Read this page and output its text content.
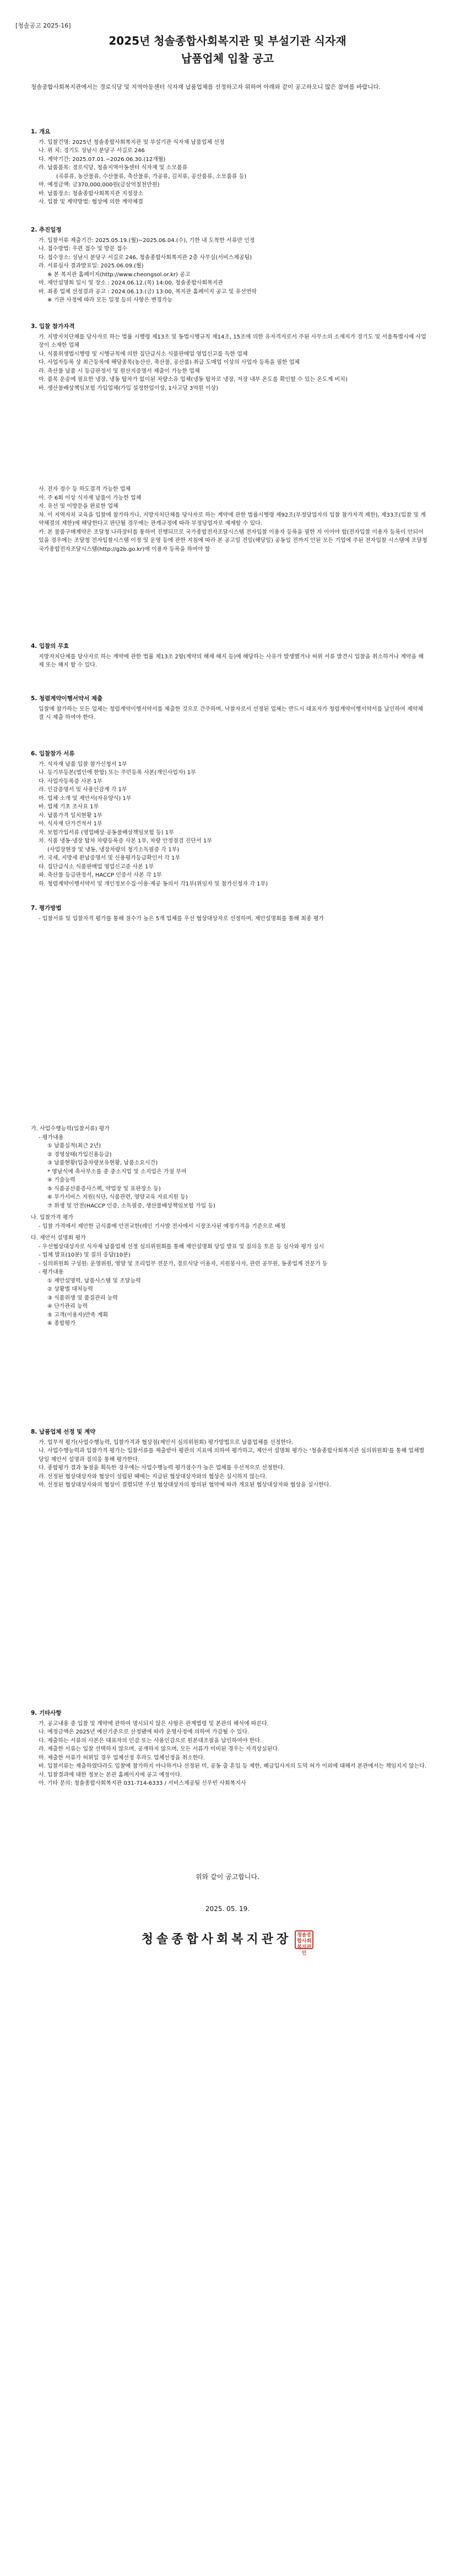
[청솔공고 2025-16]
2025년 청솔종합사회복지관 및 부설기관 식자재
납품업체 입찰 공고
청솔종합사회복지관에서는 경로식당 및 지역아동센터 식자재 납품업체를 선정하고자 위하여 아래와 같이 공고하오니 많은 참여를 바랍니다.
1. 개요
가. 입찰건명: 2025년 청솔종합사회복지관 및 부설기관 식자재 납품업체 선정
나. 위 치: 경기도 성남시 분당구 서길로 246
다. 계약기간: 2025.07.01.~2026.06.30.(12개월)
라. 납품품목: 경로식당, 청솔지역아동센터 식자재 및 소모품류
(곡류류, 농산물류, 수산물류, 축산물류, 가공류, 김치류, 공산품류, 소모품류 등)
마. 예정금액: 금370,000,000원(금삼억칠천만원)
바. 납품장소: 청솔종합사회복지관 지정장소
사. 입찰 및 계약방법: 협상에 의한 계약체결
2. 추진일정
가. 입찰서류 제출기간: 2025.05.19.(월)~2025.06.04.(수), 기한 내 도착한 서류만 인정
나. 접수방법: 우편 접수 및 방문 접수
다. 접수장소: 성남시 분당구 서길로 246, 청솔종합사회복지관 2층 사무실(서비스제공팀)
라. 서류심사 결과발표일: 2025.06.09.(월)
※ 본 복지관 홈페이지(http://www.cheongsol.or.kr) 공고
마. 제안설명회 일시 및 장소 : 2024.06.12.(목) 14:00, 청솔종합사회복지관
바. 최종 업체 선정결과 공고 : 2024.06.13.(금) 13:00, 복지관 홈페이지 공고 및 유선연락
※ 기관 사정에 따라 모든 일정 등의 사항은 변경가능
3. 입찰 참가자격
가. 지방자치단체를 당사자로 하는 법률 시행령 제13조 및 동법시행규칙 제14조, 15조에 의한 유자격자로서 주된 사무소의 소재지가 경기도 및 서울특별시에 사업장이 소재한 업체
나. 식품위생법시행령 및 시행규칙에 의한 집단급식소 식품판매업 영업신고를 득한 업체
다. 사업자등록 상 최근등록에 해당종목(농산산, 축산물, 공산품) 취급 도매업 이상의 사업자 등록을 필한 업체
라. 축산물 납품 시 등급판정서 및 원산지증명서 제출이 가능한 업체
마. 품목 운송에 필요한 냉장, 냉동 탑차가 없이된 차량소유 업체(냉동 탑차로 냉장, 저장 내부 온도를 확인할 수 있는 온도계 비치)
바. 생산물배상책임보험 가입업체(가입 설정한업이상, 1사고당 3억원 이상)
사. 전자 정수 등 하도결격 가능한 업체
아. 주 6회 이상 식자재 납품이 가능한 업체
자. 유선 및 이방문을 완료한 업체
차. 이 지역자치 교육을 입찰에 참가하거나, 지방자치단체를 당사자로 하는 계약에 관한 법률시행령 제92조(부정당업자의 입찰 참가자격 제한), 제33조(입찰 및 계약체결의 제한)에 해당한다고 판단될 경우에는 관계규정에 따라 부정당업자로 제재할 수 있다.
카. 본 물품구매계약은 조달청 나라장터를 통하여 진행되므로 국가종합전자조달시스템 전자입찰 이용자 등록을 필한 자 이어야 합(전자입찰 이용자 등록이 안되어 있을 경우에는 조달청 전자입찰시스템 이정 및 운영 등에 관한 지침에 따라 본 공고일 전일(해당일) 공동입 전까지 안된 모든 기업에 주된 전자입찰 시스템에 조달청 국가종합전자조달시스템(http://g2b.go.kr)에 이용자 등록을 하여야 함
4. 입찰의 무효
지방자치단체를 당사자로 하는 계약에 관한 법률 제13조 2항(계약의 해제 해지 등)에 해당하는 사유가 발생했거나 허위 서류 발견시 입찰을 취소하거나 계약을 해제 또는 해지 할 수 있다.
5. 청렴계약이행서약서 제출
입찰에 참가하는 모든 업체는 청렴계약이행서약서를 제출한 것으로 간주하며, 낙찰자로서 선정된 업체는 반드시 대표자가 청렴계약이행서약서를 날인하여 제약체결 시 제출 하여야 한다.
6. 입찰참가 서류
가. 식자재 납품 입찰 참가신청서 1부
나. 등기부등본(법인에 한함) 또는 주민등록 사본(개인사업자) 1부
다. 사업자등록증 사본 1부
라. 인감증명서 및 사용인감계 각 1부
마. 업체 소개 및 제안서(자유양식) 1부
바. 업체 기초 조사표 1부
사. 납품가격 일치현황 1부
아. 식자재 단가견적서 1부
자. 보험가입서류 (영업배상·공동물배상책임보험 등) 1부
차. 식품 냉동·냉장 탑차 차량등록증 사본 1부, 차량 안정점검 진단서 1부
(사업장현장 및 냉동, 냉장차량의 청기소독필증 각 1부)
카. 국세, 지방세 완납증명서 및 신용평가등급확인서 각 1부
타. 집단급식소 식품판매업 영업신고증 사본 1부
파. 축산물 등급판정서, HACCP 인증서 사본 각 1부
하. 청렴계약이행서약서 및 개인정보수집·이용·제공 동의서 각1부(위임자 및 참가신청자 각 1부)
7. 평가방법
- 입찰서류 및 입찰자격 평가를 통해 점수가 높은 5개 업체를 우선 협상대상자로 선정하며, 제안설명회를 통해 최종 평가
가. 사업수행능력(입찰서류) 평가
- 평가내용
① 납품실적(최근 2년)
② 경영상태(가입신용등급)
③ 납품현황(입출차량보유현황, 납품소요시간)
* 영남식에 축사부소를 중 중소지업 및 소지업은 가점 부여
④ 기술능력
⑤ 식품공산품증사스펙, 약업장 및 표판장소 등)
⑥ 부가서비스 지원(식단, 식품관련, 영양교육 자료지원 등)
⑦ 위생 및 안전(HACCP 인증, 소독필증, 생산물배상책임보험 가입 등)
나. 입찰가격 평가
- 입찰 가격에서 제안한 금식품에 안전교한(레인 기사발 전사에서 시장조사된 예정가격을 기준으로 배정
다. 제안서 설명회 평가
- 우선협상대상자로 식자재 납품업체 선정 심의위원회를 통해 제안설명회 당일 발표 및 질의응 토론 등 심사와 평가 실시
- 업체 발표(10분) 및 질의 응답(10분)
- 심의위원회 구성원: 운영위원, 영양 및 조리업무 전문가, 경로식당 이용자, 지원봉사자, 관련 공무원, 동종업계 전문가 등
- 평가내용
① 제안설명력, 납품사스템 및 조달능력
② 상황별 대처능력
③ 식품위생 및 품질관리 능력
④ 단가관리 능력
⑤ 고객(이용자)만족 계획
⑥ 종합평가
8. 납품업체 선정 및 계약
가. 업무적 평가(사업수행능력, 입찰가격과 협상점(제안서 심의위원회) 평가방법으로 납품업체를 선정한다.
나. 사업수행능력과 입찰가격 평가는 입찰서류를 제출받아 평관의 지표에 의하여 평가하고, 제안서 설명회 평가는 '청솔종합사회복지관 심의위원회'를 통해 업체별 당일 제안서 설명과 질의응 통해 평가한다.
다. 종합평가 결과 동점을 획득한 경우에는 사업수행능력 평가점수가 높은 업체를 우선적으로 선정한다.
라. 선정된 협상대상자와 협상이 성립된 때에는 지급된 협상대상자와의 협상은 실시하지 않는다.
마. 선정된 협상대상자와의 협상이 결렬되면 우선 협상대상자의 합의된 협약에 따라 개요된 협상대상자와 협상을 실시한다.
9. 기타사항
가. 공고내용 중 입찰 및 계약에 관하여 명시되지 않은 사항은 관계법령 및 본관의 해석에 따른다.
나. 예정금액은 2025년 예산기준으로 산정됐에 따라 운영사정에 의하여 가감될 수 있다.
다. 제출하는 서류의 사본은 대표자의 인감 또는 사용인감으로 원본대조필을 날인하여야 한다.
라. 제출한 서류는 입찰 선택하지 않으며, 공개하지 않으며, 모든 서류가 미비된 경우는 자격상실된다.
마. 제출한 서류가 허위일 경우 업체선정 후라도 업체선정을 취소한다.
바. 입찰서류는 제출하였다라도 입찰에 참가하지 아니하거나 선정된 미, 공동 출 흔입 등 제한, 폐급입사저의 도덕 허가 이외에 대해서 본관에서는 책임지지 않는다.
사. 입찰결과에 대한 정보는 본관 홈페이지에 공고 예정이다.
아. 기타 문의: 청솔종합사회복지관 031-714-6333 / 서비스제공팀 신우빈 사회복지사
위와 같이 공고합니다.
2025. 05. 19.
청솔종합사회복지관장 청솔종합사회복지관인
